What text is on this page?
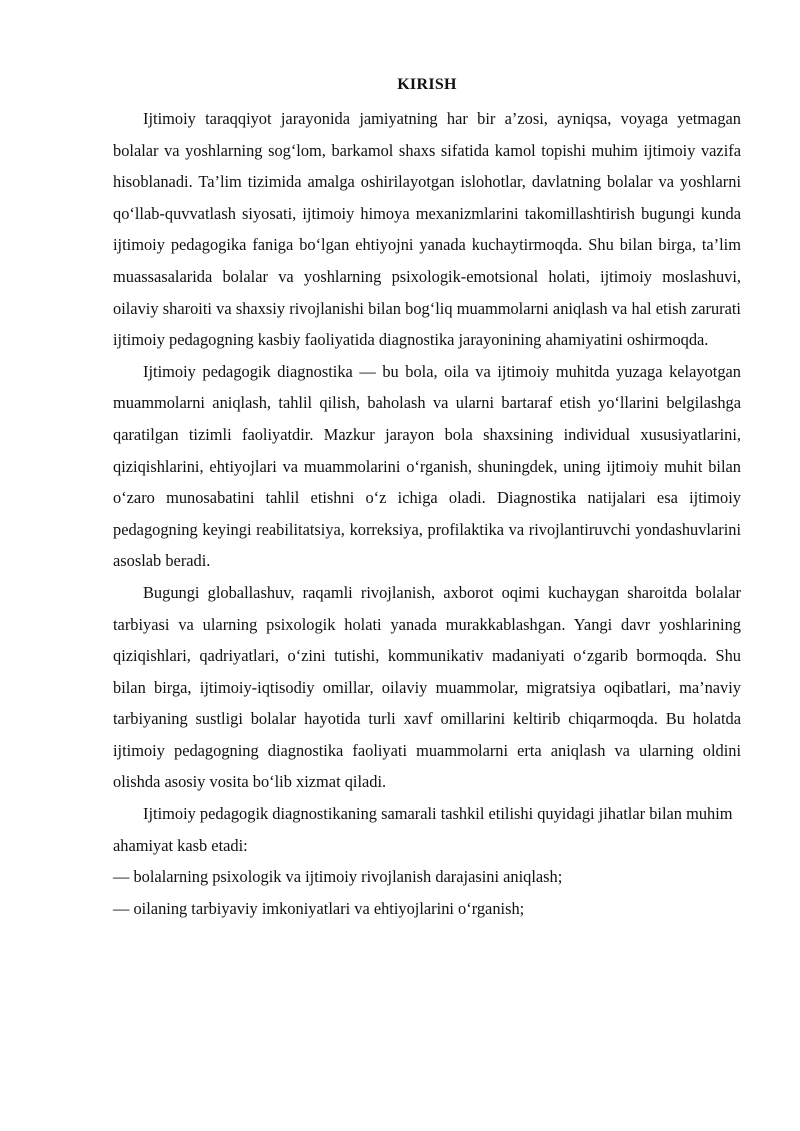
KIRISH

Ijtimoiy taraqqiyot jarayonida jamiyatning har bir a’zosi, ayniqsa, voyaga yetmagan bolalar va yoshlarning sog‘lom, barkamol shaxs sifatida kamol topishi muhim ijtimoiy vazifa hisoblanadi. Ta’lim tizimida amalga oshirilayotgan islohotlar, davlatning bolalar va yoshlarni qo‘llab-quvvatlash siyosati, ijtimoiy himoya mexanizmlarini takomillashtirish bugungi kunda ijtimoiy pedagogika faniga bo‘lgan ehtiyojni yanada kuchaytirmoqda. Shu bilan birga, ta’lim muassasalarida bolalar va yoshlarning psixologik-emotsional holati, ijtimoiy moslashuvi, oilaviy sharoiti va shaxsiy rivojlanishi bilan bog‘liq muammolarni aniqlash va hal etish zarurati ijtimoiy pedagogning kasbiy faoliyatida diagnostika jarayonining ahamiyatini oshirmoqda.

Ijtimoiy pedagogik diagnostika — bu bola, oila va ijtimoiy muhitda yuzaga kelayotgan muammolarni aniqlash, tahlil qilish, baholash va ularni bartaraf etish yo‘llarini belgilashga qaratilgan tizimli faoliyatdir. Mazkur jarayon bola shaxsining individual xususiyatlarini, qiziqishlarini, ehtiyojlari va muammolarini o‘rganish, shuningdek, uning ijtimoiy muhit bilan o‘zaro munosabatini tahlil etishni o‘z ichiga oladi. Diagnostika natijalari esa ijtimoiy pedagogning keyingi reabilitatsiya, korreksiya, profilaktika va rivojlantiruvchi yondashuvlarini asoslab beradi.

Bugungi globallashuv, raqamli rivojlanish, axborot oqimi kuchaygan sharoitda bolalar tarbiyasi va ularning psixologik holati yanada murakkablashgan. Yangi davr yoshlarining qiziqishlari, qadriyatlari, o‘zini tutishi, kommunikativ madaniyati o‘zgarib bormoqda. Shu bilan birga, ijtimoiy-iqtisodiy omillar, oilaviy muammolar, migratsiya oqibatlari, ma’naviy tarbiyaning sustligi bolalar hayotida turli xavf omillarini keltirib chiqarmoqda. Bu holatda ijtimoiy pedagogning diagnostika faoliyati muammolarni erta aniqlash va ularning oldini olishda asosiy vosita bo‘lib xizmat qiladi.

Ijtimoiy pedagogik diagnostikaning samarali tashkil etilishi quyidagi jihatlar bilan muhim ahamiyat kasb etadi:

— bolalarning psixologik va ijtimoiy rivojlanish darajasini aniqlash;

— oilaning tarbiyaviy imkoniyatlari va ehtiyojlarini o‘rganish;
